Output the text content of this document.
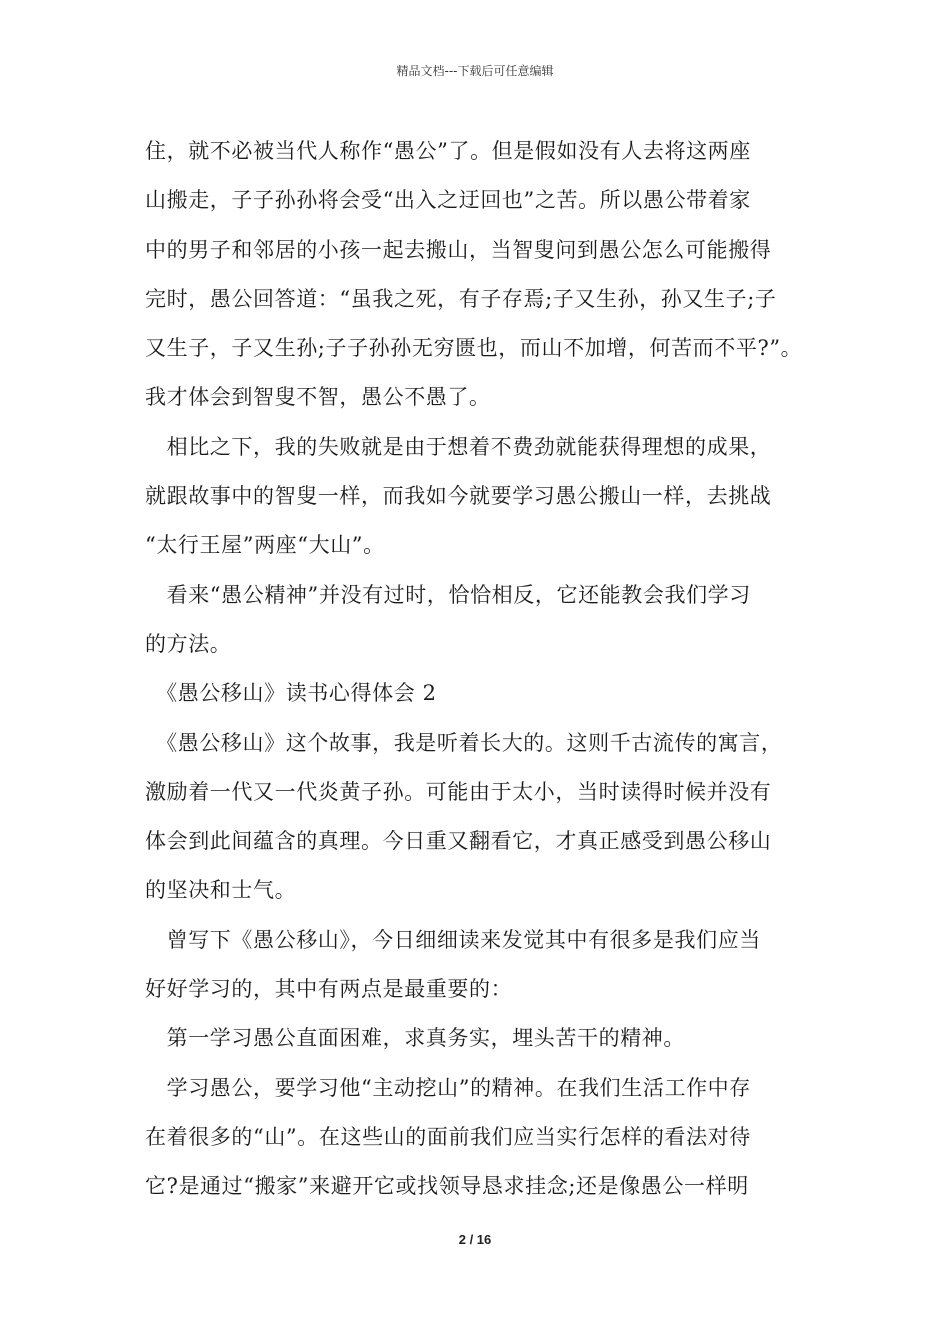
精品文档---下载后可任意编辑
住，就不必被当代人称作“愚公”了。但是假如没有人去将这两座
山搬走，子子孙孙将会受“出入之迂回也”之苦。所以愚公带着家
中的男子和邻居的小孩一起去搬山，当智叟问到愚公怎么可能搬得
完时，愚公回答道：“虽我之死，有子存焉;子又生孙，孙又生子;子
又生子，子又生孙;子子孙孙无穷匮也，而山不加增，何苦而不平?”。
我才体会到智叟不智，愚公不愚了。
　相比之下，我的失败就是由于想着不费劲就能获得理想的成果，
就跟故事中的智叟一样，而我如今就要学习愚公搬山一样，去挑战
“太行王屋”两座“大山”。
　看来“愚公精神”并没有过时，恰恰相反，它还能教会我们学习
的方法。
　《愚公移山》读书心得体会 2
　《愚公移山》这个故事，我是听着长大的。这则千古流传的寓言，
激励着一代又一代炎黄子孙。可能由于太小，当时读得时候并没有
体会到此间蕴含的真理。今日重又翻看它，才真正感受到愚公移山
的坚决和士气。
　曾写下《愚公移山》，今日细细读来发觉其中有很多是我们应当
好好学习的，其中有两点是最重要的：
　第一学习愚公直面困难，求真务实，埋头苦干的精神。
　学习愚公，要学习他“主动挖山”的精神。在我们生活工作中存
在着很多的“山”。在这些山的面前我们应当实行怎样的看法对待
它?是通过“搬家”来避开它或找领导恳求挂念;还是像愚公一样明
2 / 16
